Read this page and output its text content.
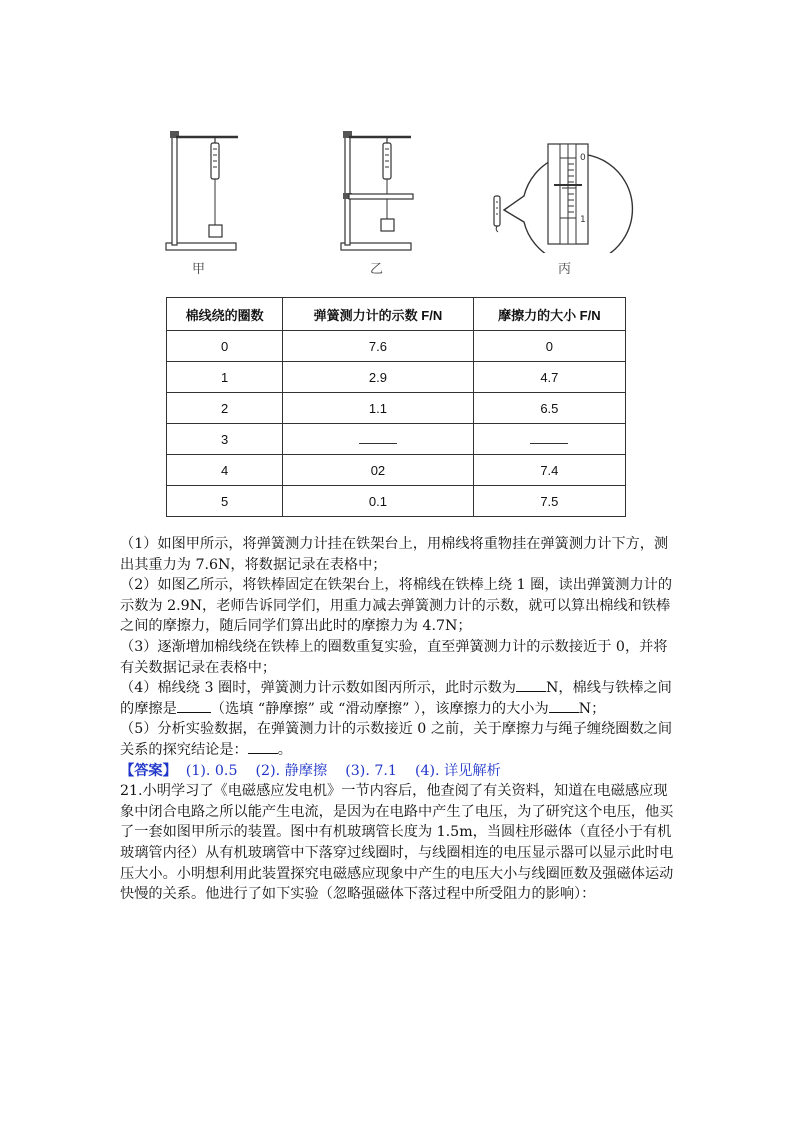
甲	乙
0
1
丙
棉线绕的圈数	弹簧测力计的示数 F/N	摩擦力的大小 F/N
0	7.6	0
1	2.9	4.7
2	1.1	6.5
3		
4	02	7.4
5	0.1	7.5

（1）如图甲所示，将弹簧测力计挂在铁架台上，用棉线将重物挂在弹簧测力计下方，测出其重力为 7.6N，将数据记录在表格中；

（2）如图乙所示，将铁棒固定在铁架台上，将棉线在铁棒上绕 1 圈，读出弹簧测力计的示数为 2.9N，老师告诉同学们，用重力减去弹簧测力计的示数，就可以算出棉线和铁棒之间的摩擦力，随后同学们算出此时的摩擦力为 4.7N；

（3）逐渐增加棉线绕在铁棒上的圈数重复实验，直至弹簧测力计的示数接近于 0，并将有关数据记录在表格中；

（4）棉线绕 3 圈时，弹簧测力计示数如图丙所示，此时示数为 N，棉线与铁棒之间的摩擦是 （选填 “静摩擦” 或 “滑动摩擦” ），该摩擦力的大小为 N；

（5）分析实验数据，在弹簧测力计的示数接近 0 之前，关于摩擦力与绳子缠绕圈数之间关系的探究结论是： 。

【答案】  (1). 0.5    (2). 静摩擦    (3). 7.1    (4). 详见解析

21.小明学习了《电磁感应发电机》一节内容后，他查阅了有关资料，知道在电磁感应现象中闭合电路之所以能产生电流，是因为在电路中产生了电压，为了研究这个电压，他买了一套如图甲所示的装置。图中有机玻璃管长度为 1.5m，当圆柱形磁体（直径小于有机玻璃管内径）从有机玻璃管中下落穿过线圈时，与线圈相连的电压显示器可以显示此时电压大小。小明想利用此装置探究电磁感应现象中产生的电压大小与线圈匝数及强磁体运动快慢的关系。他进行了如下实验（忽略强磁体下落过程中所受阻力的影响）：
